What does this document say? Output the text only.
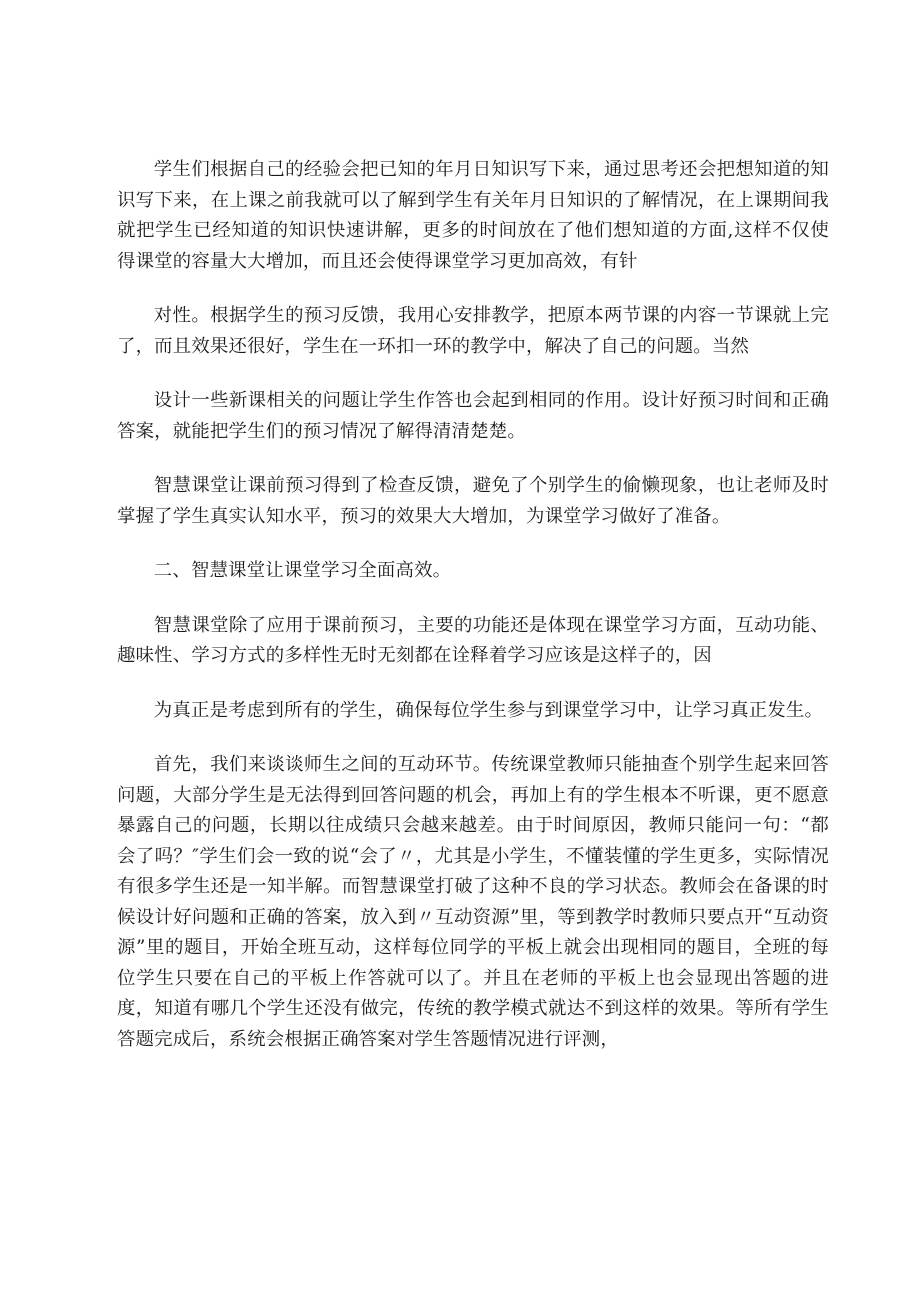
学生们根据自己的经验会把已知的年月日知识写下来，通过思考还会把想知道的知识写下来，在上课之前我就可以了解到学生有关年月日知识的了解情况，在上课期间我就把学生已经知道的知识快速讲解，更多的时间放在了他们想知道的方面,这样不仅使得课堂的容量大大增加，而且还会使得课堂学习更加高效，有针

对性。根据学生的预习反馈，我用心安排教学，把原本两节课的内容一节课就上完了，而且效果还很好，学生在一环扣一环的教学中，解决了自己的问题。当然

设计一些新课相关的问题让学生作答也会起到相同的作用。设计好预习时间和正确答案，就能把学生们的预习情况了解得清清楚楚。

智慧课堂让课前预习得到了检查反馈，避免了个别学生的偷懒现象，也让老师及时掌握了学生真实认知水平，预习的效果大大增加，为课堂学习做好了准备。

二、智慧课堂让课堂学习全面高效。

智慧课堂除了应用于课前预习，主要的功能还是体现在课堂学习方面，互动功能、趣味性、学习方式的多样性无时无刻都在诠释着学习应该是这样子的，因

为真正是考虑到所有的学生，确保每位学生参与到课堂学习中，让学习真正发生。

首先，我们来谈谈师生之间的互动环节。传统课堂教师只能抽查个别学生起来回答问题，大部分学生是无法得到回答问题的机会，再加上有的学生根本不听课，更不愿意暴露自己的问题，长期以往成绩只会越来越差。由于时间原因，教师只能问一句：“都会了吗？″学生们会一致的说“会了〃，尤其是小学生，不懂装懂的学生更多，实际情况有很多学生还是一知半解。而智慧课堂打破了这种不良的学习状态。教师会在备课的时候设计好问题和正确的答案，放入到〃互动资源”里，等到教学时教师只要点开“互动资源”里的题目，开始全班互动，这样每位同学的平板上就会出现相同的题目，全班的每位学生只要在自己的平板上作答就可以了。并且在老师的平板上也会显现出答题的进度，知道有哪几个学生还没有做完，传统的教学模式就达不到这样的效果。等所有学生答题完成后，系统会根据正确答案对学生答题情况进行评测，
